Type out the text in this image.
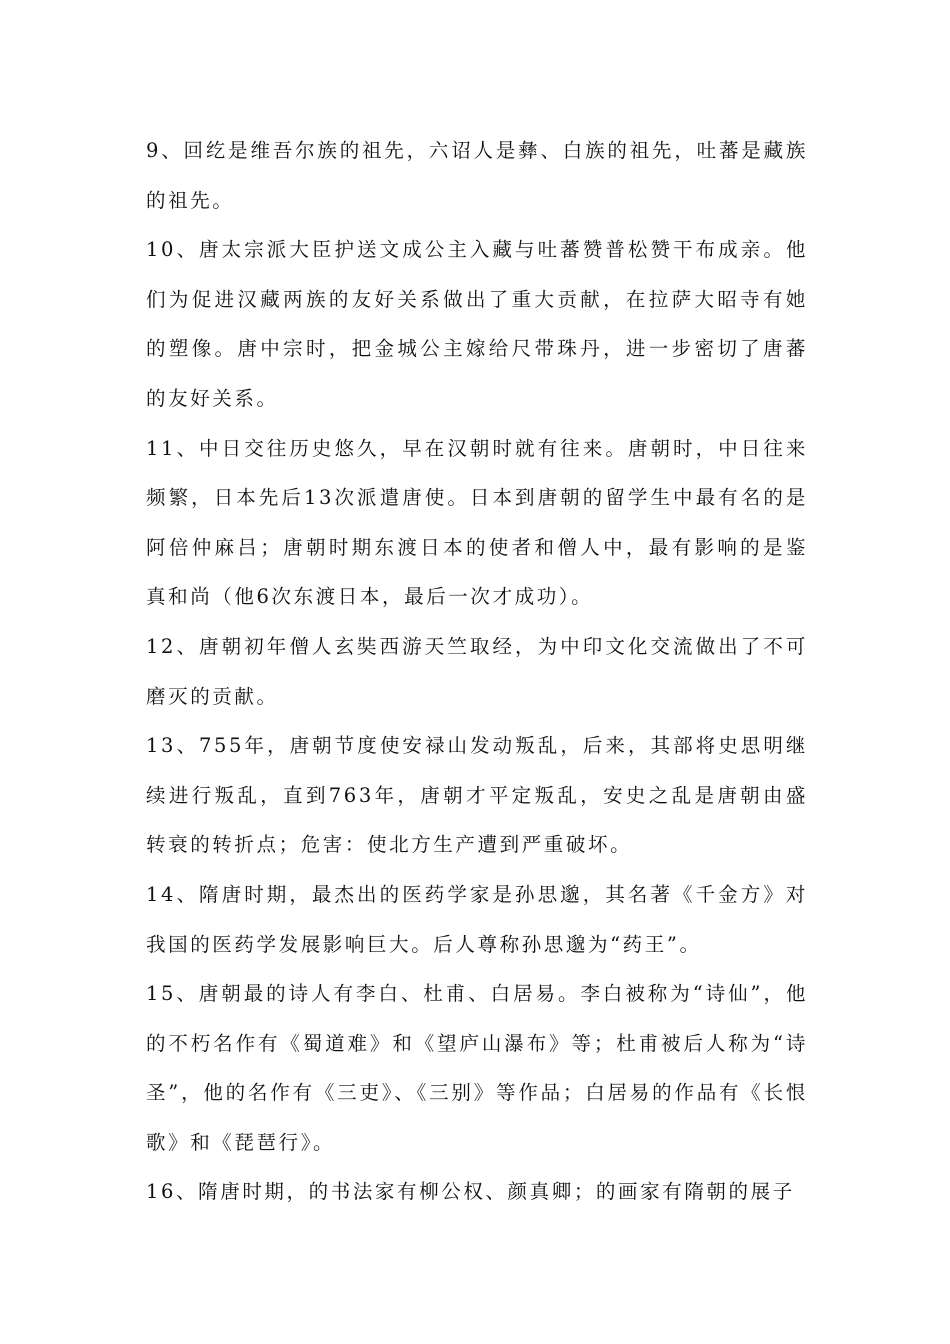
9、回纥是维吾尔族的祖先，六诏人是彝、白族的祖先，吐蕃是藏族的祖先。

10、唐太宗派大臣护送文成公主入藏与吐蕃赞普松赞干布成亲。他们为促进汉藏两族的友好关系做出了重大贡献，在拉萨大昭寺有她的塑像。唐中宗时，把金城公主嫁给尺带珠丹，进一步密切了唐蕃的友好关系。

11、中日交往历史悠久，早在汉朝时就有往来。唐朝时，中日往来频繁，日本先后13次派遣唐使。日本到唐朝的留学生中最有名的是阿倍仲麻吕；唐朝时期东渡日本的使者和僧人中，最有影响的是鉴真和尚（他6次东渡日本，最后一次才成功）。

12、唐朝初年僧人玄奘西游天竺取经，为中印文化交流做出了不可磨灭的贡献。

13、755年，唐朝节度使安禄山发动叛乱，后来，其部将史思明继续进行叛乱，直到763年，唐朝才平定叛乱，安史之乱是唐朝由盛转衰的转折点；危害：使北方生产遭到严重破坏。

14、隋唐时期，最杰出的医药学家是孙思邈，其名著《千金方》对我国的医药学发展影响巨大。后人尊称孙思邈为“药王”。

15、唐朝最的诗人有李白、杜甫、白居易。李白被称为“诗仙”，他的不朽名作有《蜀道难》和《望庐山瀑布》等；杜甫被后人称为“诗圣”，他的名作有《三吏》、《三别》等作品；白居易的作品有《长恨歌》和《琵琶行》。

16、隋唐时期，的书法家有柳公权、颜真卿；的画家有隋朝的展子
